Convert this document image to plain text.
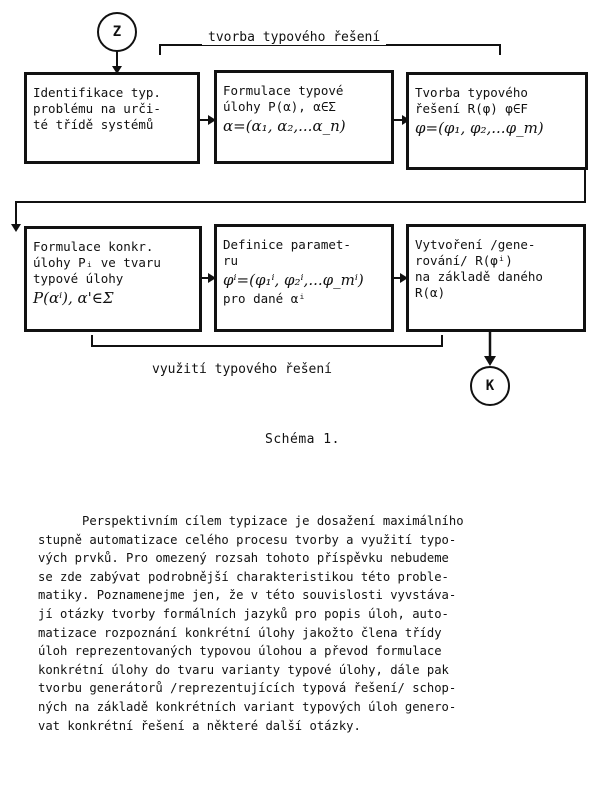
Z	tvorba typového řešení
Identifikace typ.
problému na urči-
té třídě systémů
Formulace typové
úlohy P(α), α∈Σ
α=(α₁, α₂,...α_n)
Tvorba typového
řešení R(φ) φ∈F
φ=(φ₁, φ₂,...φ_m)
Formulace konkr.
úlohy Pᵢ ve tvaru
typové úlohy
P(αⁱ), α'∈Σ
Definice paramet-
ru
φⁱ=(φ₁ⁱ, φ₂ⁱ,...φ_mⁱ)
pro dané αⁱ
Vytvoření /gene-
rování/ R(φⁱ)
na základě daného
R(α)
využití typového řešení
K
Schéma 1.
Perspektivním cílem typizace je dosažení maximálního
stupně automatizace celého procesu tvorby a využití typo-
vých prvků. Pro omezený rozsah tohoto příspěvku nebudeme
se zde zabývat podrobnější charakteristikou této proble-
matiky. Poznamenejme jen, že v této souvislosti vyvstáva-
jí otázky tvorby formálních jazyků pro popis úloh, auto-
matizace rozpoznání konkrétní úlohy jakožto člena třídy
úloh reprezentovaných typovou úlohou a převod formulace
konkrétní úlohy do tvaru varianty typové úlohy, dále pak
tvorbu generátorů /reprezentujících typová řešení/ schop-
ných na základě konkrétních variant typových úloh genero-
vat konkrétní řešení a některé další otázky.
